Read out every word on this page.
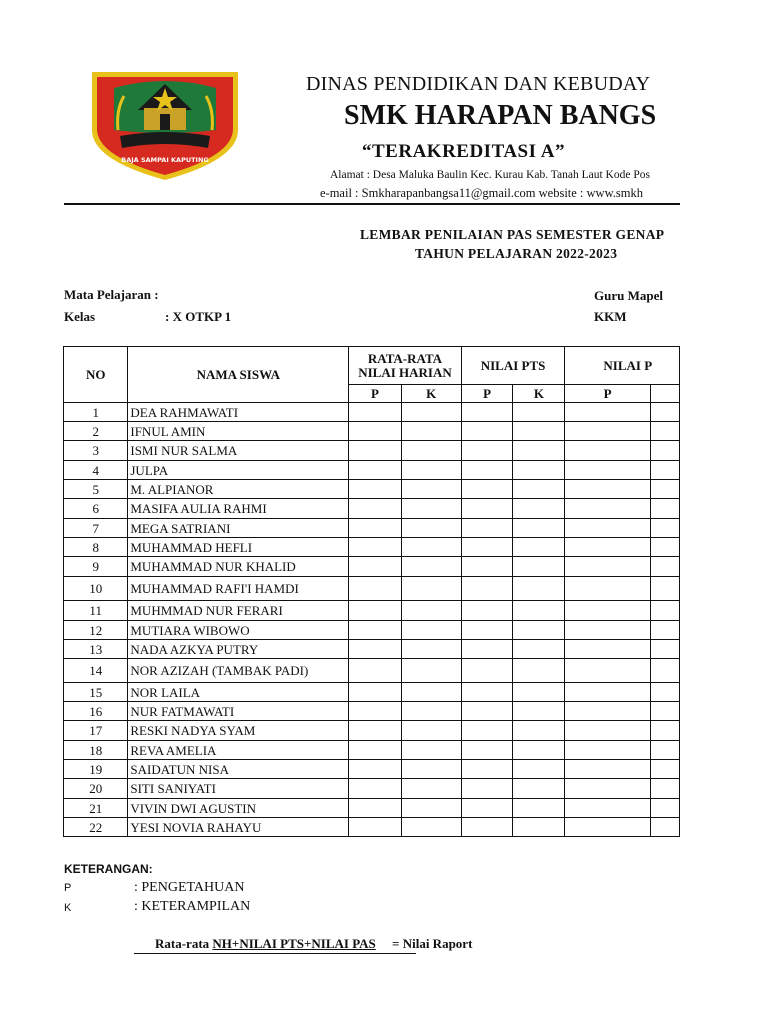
BAJA SAMPAI KAPUTING
DINAS PENDIDIKAN DAN KEBUDAY
SMK HARAPAN BANGS
“TERAKREDITASI A”
Alamat : Desa Maluka Baulin Kec. Kurau Kab. Tanah Laut Kode Pos
e-mail : Smkharapanbangsa11@gmail.com website : www.smkh
LEMBAR PENILAIAN PAS SEMESTER GENAP
TAHUN PELAJARAN 2022-2023
Mata Pelajaran :
Kelas	: X OTKP 1
Guru Mapel
KKM
NO	NAMA SISWA	RATA-RATA
NILAI HARIAN		NILAI PTS		NILAI P	
		P	K	P	K	P	
1	DEA RAHMAWATI						
2	IFNUL AMIN						
3	ISMI NUR SALMA						
4	JULPA						
5	M. ALPIANOR						
6	MASIFA AULIA RAHMI						
7	MEGA SATRIANI						
8	MUHAMMAD HEFLI						
9	MUHAMMAD NUR KHALID						
10	MUHAMMAD RAFI'I HAMDI						
11	MUHMMAD NUR FERARI						
12	MUTIARA WIBOWO						
13	NADA AZKYA PUTRY						
14	NOR AZIZAH (TAMBAK PADI)						
15	NOR LAILA						
16	NUR FATMAWATI						
17	RESKI NADYA SYAM						
18	REVA AMELIA						
19	SAIDATUN NISA						
20	SITI SANIYATI						
21	VIVIN DWI AGUSTIN						
22	YESI NOVIA RAHAYU						
KETERANGAN:
P	: PENGETAHUAN
K	: KETERAMPILAN
Rata-rata NH+NILAI PTS+NILAI PAS = Nilai Raport
